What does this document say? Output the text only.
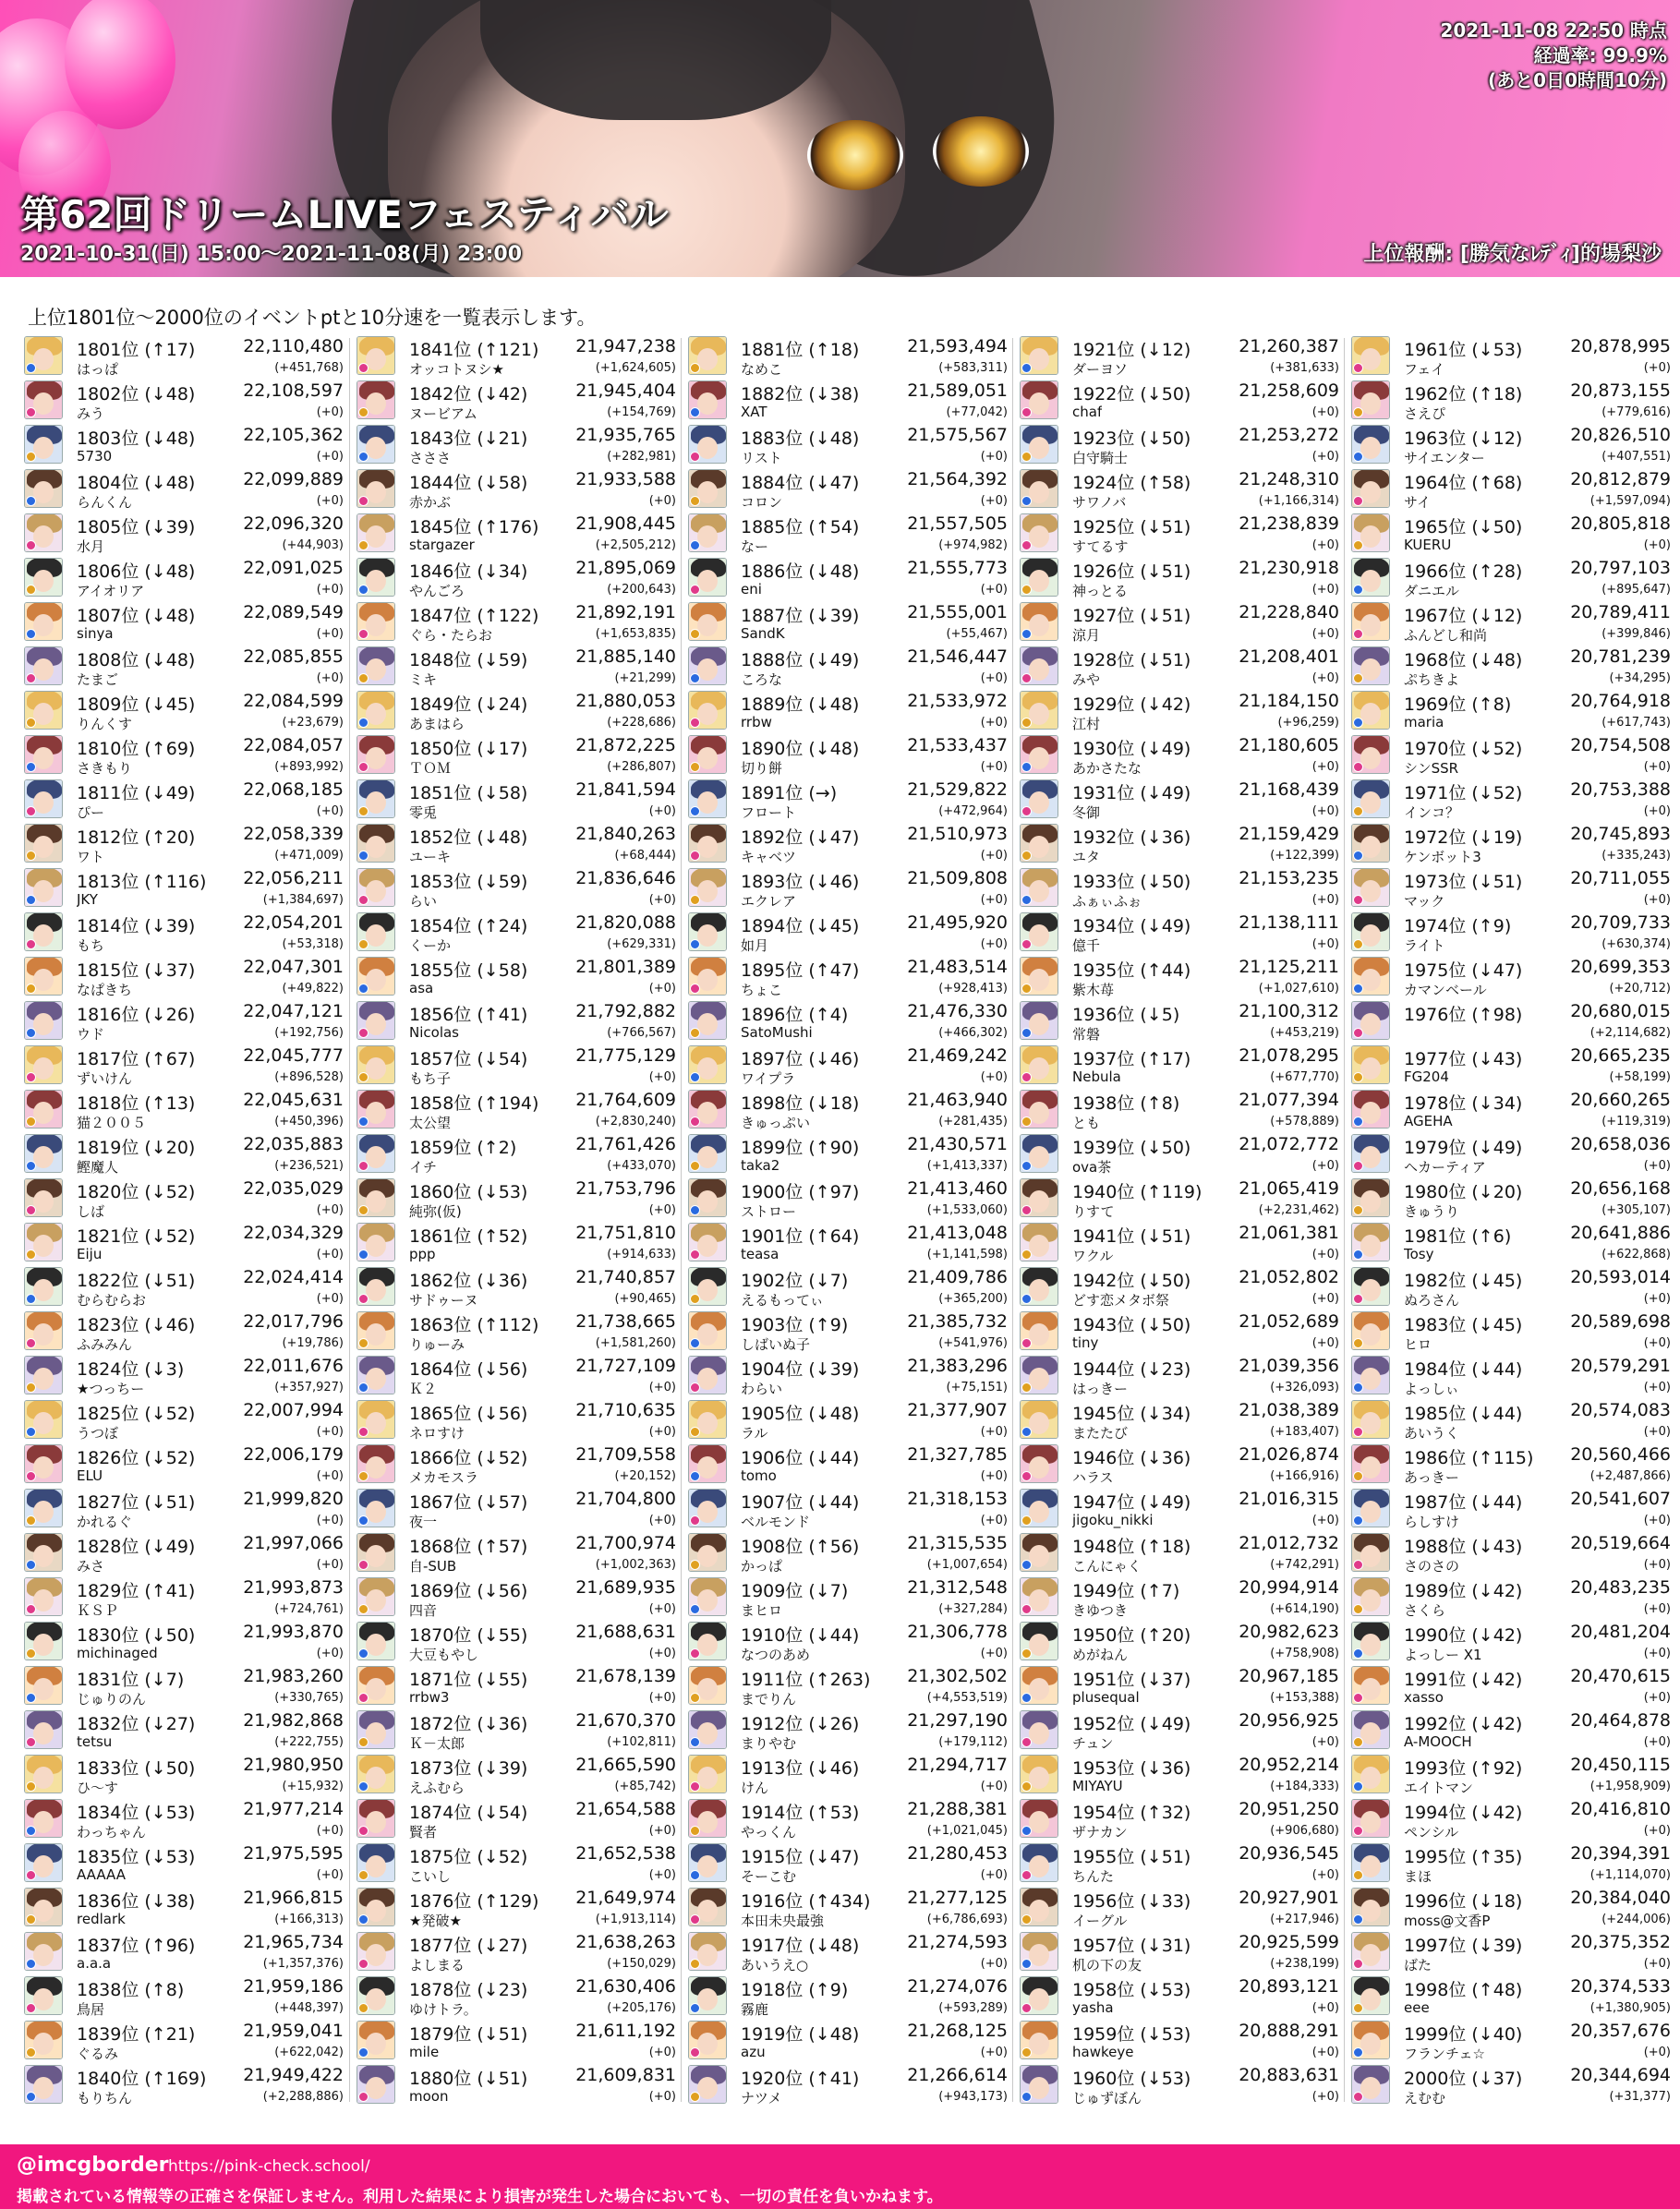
2021-11-08 22:50 時点
経過率: 99.9%
(あと0日0時間10分)
第62回ドリームLIVEフェスティバル
2021-10-31(日) 15:00～2021-11-08(月) 23:00	上位報酬: [勝気なﾚﾃﾞｨ]的場梨沙
上位1801位～2000位のイベントptと10分速を一覧表示します。
1801位 (↑17)	22,110,480
はっぱ	(+451,768)
1802位 (↓48)	22,108,597
みう	(+0)
1803位 (↓48)	22,105,362
5730	(+0)
1804位 (↓48)	22,099,889
らんくん	(+0)
1805位 (↓39)	22,096,320
水月	(+44,903)
1806位 (↓48)	22,091,025
アイオリア	(+0)
1807位 (↓48)	22,089,549
sinya	(+0)
1808位 (↓48)	22,085,855
たまご	(+0)
1809位 (↓45)	22,084,599
りんくす	(+23,679)
1810位 (↑69)	22,084,057
さきもり	(+893,992)
1811位 (↓49)	22,068,185
ぴー	(+0)
1812位 (↑20)	22,058,339
ワト	(+471,009)
1813位 (↑116) 22,056,211
JKY	(+1,384,697)
1814位 (↓39)	22,054,201
もち	(+53,318)
1815位 (↓37)	22,047,301
なぱきち	(+49,822)
1816位 (↓26)	22,047,121
ウド	(+192,756)
1817位 (↑67)	22,045,777
ずいけん	(+896,528)
1818位 (↑13)	22,045,631
猫２００５	(+450,396)
1819位 (↓20)	22,035,883
鰹魔人	(+236,521)
1820位 (↓52)	22,035,029
しば	(+0)
1821位 (↓52)	22,034,329
Eiju	(+0)
1822位 (↓51)	22,024,414
むらむらお	(+0)
1823位 (↓46)	22,017,796
ふみみん	(+19,786)
1824位 (↓3)	22,011,676
★つっちー	(+357,927)
1825位 (↓52)	22,007,994
うつぼ	(+0)
1826位 (↓52)	22,006,179
ELU	(+0)
1827位 (↓51)	21,999,820
かれるぐ	(+0)
1828位 (↓49)	21,997,066
みさ	(+0)
1829位 (↑41)	21,993,873
ＫＳＰ	(+724,761)
1830位 (↓50)	21,993,870
michinaged	(+0)
1831位 (↓7)	21,983,260
じゅりのん	(+330,765)
1832位 (↓27)	21,982,868
tetsu	(+222,755)
1833位 (↓50)	21,980,950
ひ～す	(+15,932)
1834位 (↓53)	21,977,214
わっちゃん	(+0)
1835位 (↓53)	21,975,595
AAAAA	(+0)
1836位 (↓38)	21,966,815
redlark	(+166,313)
1837位 (↑96)	21,965,734
a.a.a	(+1,357,376)
1838位 (↑8)	21,959,186
鳥居	(+448,397)
1839位 (↑21)	21,959,041
ぐるみ	(+622,042)
1840位 (↑169) 21,949,422
もりちん	(+2,288,886)
1841位 (↑121) 21,947,238
オッコトヌシ★	(+1,624,605)
1842位 (↓42)	21,945,404
ヌービアム	(+154,769)
1843位 (↓21)	21,935,765
さささ	(+282,981)
1844位 (↓58)	21,933,588
赤かぶ	(+0)
1845位 (↑176) 21,908,445
stargazer	(+2,505,212)
1846位 (↓34)	21,895,069
やんごろ	(+200,643)
1847位 (↑122) 21,892,191
ぐら・たらお	(+1,653,835)
1848位 (↓59)	21,885,140
ミキ	(+21,299)
1849位 (↓24)	21,880,053
あまはら	(+228,686)
1850位 (↓17)	21,872,225
ＴＯＭ	(+286,807)
1851位 (↓58)	21,841,594
零兎	(+0)
1852位 (↓48)	21,840,263
ユーキ	(+68,444)
1853位 (↓59)	21,836,646
らい	(+0)
1854位 (↑24)	21,820,088
くーか	(+629,331)
1855位 (↓58)	21,801,389
asa	(+0)
1856位 (↑41)	21,792,882
Nicolas	(+766,567)
1857位 (↓54)	21,775,129
もち子	(+0)
1858位 (↑194) 21,764,609
太公望	(+2,830,240)
1859位 (↑2)	21,761,426
イチ	(+433,070)
1860位 (↓53)	21,753,796
純弥(仮)	(+0)
1861位 (↑52)	21,751,810
ppp	(+914,633)
1862位 (↓36)	21,740,857
サドゥーヌ	(+90,465)
1863位 (↑112) 21,738,665
りゅーみ	(+1,581,260)
1864位 (↓56)	21,727,109
Ｋ２	(+0)
1865位 (↓56)	21,710,635
ネロすけ	(+0)
1866位 (↓52)	21,709,558
メカモスラ	(+20,152)
1867位 (↓57)	21,704,800
夜一	(+0)
1868位 (↑57)	21,700,974
自-SUB	(+1,002,363)
1869位 (↓56)	21,689,935
四音	(+0)
1870位 (↓55)	21,688,631
大豆もやし	(+0)
1871位 (↓55)	21,678,139
rrbw3	(+0)
1872位 (↓36)	21,670,370
Ｋ－太郎	(+102,811)
1873位 (↓39)	21,665,590
えふむら	(+85,742)
1874位 (↓54)	21,654,588
賢者	(+0)
1875位 (↓52)	21,652,538
こいし	(+0)
1876位 (↑129) 21,649,974
★発破★	(+1,913,114)
1877位 (↓27)	21,638,263
よしまる	(+150,029)
1878位 (↓23)	21,630,406
ゆけトラ。	(+205,176)
1879位 (↓51)	21,611,192
mile	(+0)
1880位 (↓51)	21,609,831
moon	(+0)
1881位 (↑18)	21,593,494
なめこ	(+583,311)
1882位 (↓38)	21,589,051
XAT	(+77,042)
1883位 (↓48)	21,575,567
リスト	(+0)
1884位 (↓47)	21,564,392
コロン	(+0)
1885位 (↑54)	21,557,505
なー	(+974,982)
1886位 (↓48)	21,555,773
eni	(+0)
1887位 (↓39)	21,555,001
SandK	(+55,467)
1888位 (↓49)	21,546,447
ころな	(+0)
1889位 (↓48)	21,533,972
rrbw	(+0)
1890位 (↓48)	21,533,437
切り餅	(+0)
1891位 (→)	21,529,822
フロート	(+472,964)
1892位 (↓47)	21,510,973
キャベツ	(+0)
1893位 (↓46)	21,509,808
エクレア	(+0)
1894位 (↓45)	21,495,920
如月	(+0)
1895位 (↑47)	21,483,514
ちょこ	(+928,413)
1896位 (↑4)	21,476,330
SatoMushi	(+466,302)
1897位 (↓46)	21,469,242
ワイプラ	(+0)
1898位 (↓18)	21,463,940
きゅっぷい	(+281,435)
1899位 (↑90)	21,430,571
taka2	(+1,413,337)
1900位 (↑97)	21,413,460
ストロー	(+1,533,060)
1901位 (↑64)	21,413,048
teasa	(+1,141,598)
1902位 (↓7)	21,409,786
えるもってぃ	(+365,200)
1903位 (↑9)	21,385,732
しばいぬ子	(+541,976)
1904位 (↓39)	21,383,296
わらい	(+75,151)
1905位 (↓48)	21,377,907
ラル	(+0)
1906位 (↓44)	21,327,785
tomo	(+0)
1907位 (↓44)	21,318,153
ベルモンド	(+0)
1908位 (↑56)	21,315,535
かっぱ	(+1,007,654)
1909位 (↓7)	21,312,548
まヒロ	(+327,284)
1910位 (↓44)	21,306,778
なつのあめ	(+0)
1911位 (↑263) 21,302,502
までりん	(+4,553,519)
1912位 (↓26)	21,297,190
まりやむ	(+179,112)
1913位 (↓46)	21,294,717
けん	(+0)
1914位 (↑53)	21,288,381
やっくん	(+1,021,045)
1915位 (↓47)	21,280,453
そーこむ	(+0)
1916位 (↑434) 21,277,125
本田未央最強	(+6,786,693)
1917位 (↓48)	21,274,593
あいうえ○	(+0)
1918位 (↑9)	21,274,076
霧鹿	(+593,289)
1919位 (↓48)	21,268,125
azu	(+0)
1920位 (↑41)	21,266,614
ナツメ	(+943,173)
1921位 (↓12)	21,260,387
ダーヨソ	(+381,633)
1922位 (↓50)	21,258,609
chaf	(+0)
1923位 (↓50)	21,253,272
白守騎士	(+0)
1924位 (↑58)	21,248,310
サワノバ	(+1,166,314)
1925位 (↓51)	21,238,839
すてるす	(+0)
1926位 (↓51)	21,230,918
神っとる	(+0)
1927位 (↓51)	21,228,840
涼月	(+0)
1928位 (↓51)	21,208,401
みや	(+0)
1929位 (↓42)	21,184,150
江村	(+96,259)
1930位 (↓49)	21,180,605
あかさたな	(+0)
1931位 (↓49)	21,168,439
冬御	(+0)
1932位 (↓36)	21,159,429
ユタ	(+122,399)
1933位 (↓50)	21,153,235
ふぁぃふぉ	(+0)
1934位 (↓49)	21,138,111
億千	(+0)
1935位 (↑44)	21,125,211
紫木苺	(+1,027,610)
1936位 (↓5)	21,100,312
常磐	(+453,219)
1937位 (↑17)	21,078,295
Nebula	(+677,770)
1938位 (↑8)	21,077,394
とも	(+578,889)
1939位 (↓50)	21,072,772
ova茶	(+0)
1940位 (↑119) 21,065,419
りすて	(+2,231,462)
1941位 (↓51)	21,061,381
ワクル	(+0)
1942位 (↓50)	21,052,802
どす恋メタボ祭	(+0)
1943位 (↓50)	21,052,689
tiny	(+0)
1944位 (↓23)	21,039,356
はっきー	(+326,093)
1945位 (↓34)	21,038,389
またたび	(+183,407)
1946位 (↓36)	21,026,874
ハラス	(+166,916)
1947位 (↓49)	21,016,315
jigoku_nikki	(+0)
1948位 (↑18)	21,012,732
こんにゃく	(+742,291)
1949位 (↑7)	20,994,914
きゆつき	(+614,190)
1950位 (↑20)	20,982,623
めがねん	(+758,908)
1951位 (↓37)	20,967,185
plusequal	(+153,388)
1952位 (↓49)	20,956,925
チュン	(+0)
1953位 (↓36)	20,952,214
MIYAYU	(+184,333)
1954位 (↑32)	20,951,250
ザナカン	(+906,680)
1955位 (↓51)	20,936,545
ちんた	(+0)
1956位 (↓33)	20,927,901
イーグル	(+217,946)
1957位 (↓31)	20,925,599
机の下の友	(+238,199)
1958位 (↓53)	20,893,121
yasha	(+0)
1959位 (↓53)	20,888,291
hawkeye	(+0)
1960位 (↓53)	20,883,631
じゅずぼん	(+0)
1961位 (↓53)	20,878,995
フェイ	(+0)
1962位 (↑18)	20,873,155
さえぴ	(+779,616)
1963位 (↓12)	20,826,510
サイエンター	(+407,551)
1964位 (↑68)	20,812,879
サイ	(+1,597,094)
1965位 (↓50)	20,805,818
KUERU	(+0)
1966位 (↑28)	20,797,103
ダニエル	(+895,647)
1967位 (↓12)	20,789,411
ふんどし和尚	(+399,846)
1968位 (↓48)	20,781,239
ぷちきよ	(+34,295)
1969位 (↑8)	20,764,918
maria	(+617,743)
1970位 (↓52)	20,754,508
シンSSR	(+0)
1971位 (↓52)	20,753,388
インコ？	(+0)
1972位 (↓19)	20,745,893
ケンボット3	(+335,243)
1973位 (↓51)	20,711,055
マック	(+0)
1974位 (↑9)	20,709,733
ライト	(+630,374)
1975位 (↓47)	20,699,353
カマンベール	(+20,712)
1976位 (↑98)	20,680,015
(+2,114,682)
1977位 (↓43)	20,665,235
FG204	(+58,199)
1978位 (↓34)	20,660,265
AGEHA	(+119,319)
1979位 (↓49)	20,658,036
ヘカーティア	(+0)
1980位 (↓20)	20,656,168
きゅうり	(+305,107)
1981位 (↑6)	20,641,886
Tosy	(+622,868)
1982位 (↓45)	20,593,014
ぬろさん	(+0)
1983位 (↓45)	20,589,698
ヒロ	(+0)
1984位 (↓44)	20,579,291
よっしぃ	(+0)
1985位 (↓44)	20,574,083
あいうく	(+0)
1986位 (↑115) 20,560,466
あっきー	(+2,487,866)
1987位 (↓44)	20,541,607
らしすけ	(+0)
1988位 (↓43)	20,519,664
さのさの	(+0)
1989位 (↓42)	20,483,235
さくら	(+0)
1990位 (↓42)	20,481,204
よっしー X1	(+0)
1991位 (↓42)	20,470,615
xasso	(+0)
1992位 (↓42)	20,464,878
A-MOOCH	(+0)
1993位 (↑92)	20,450,115
エイトマン	(+1,958,909)
1994位 (↓42)	20,416,810
ペンシル	(+0)
1995位 (↑35)	20,394,391
まほ	(+1,114,070)
1996位 (↓18)	20,384,040
moss@文香P	(+244,006)
1997位 (↓39)	20,375,352
ばた	(+0)
1998位 (↑48)	20,374,533
eee	(+1,380,905)
1999位 (↓40)	20,357,676
フランチェ☆	(+0)
2000位 (↓37)	20,344,694
えむむ	(+31,377)
@imcgborder https://pink-check.school/
掲載されている情報等の正確さを保証しません。利用した結果により損害が発生した場合においても、一切の責任を負いかねます。
